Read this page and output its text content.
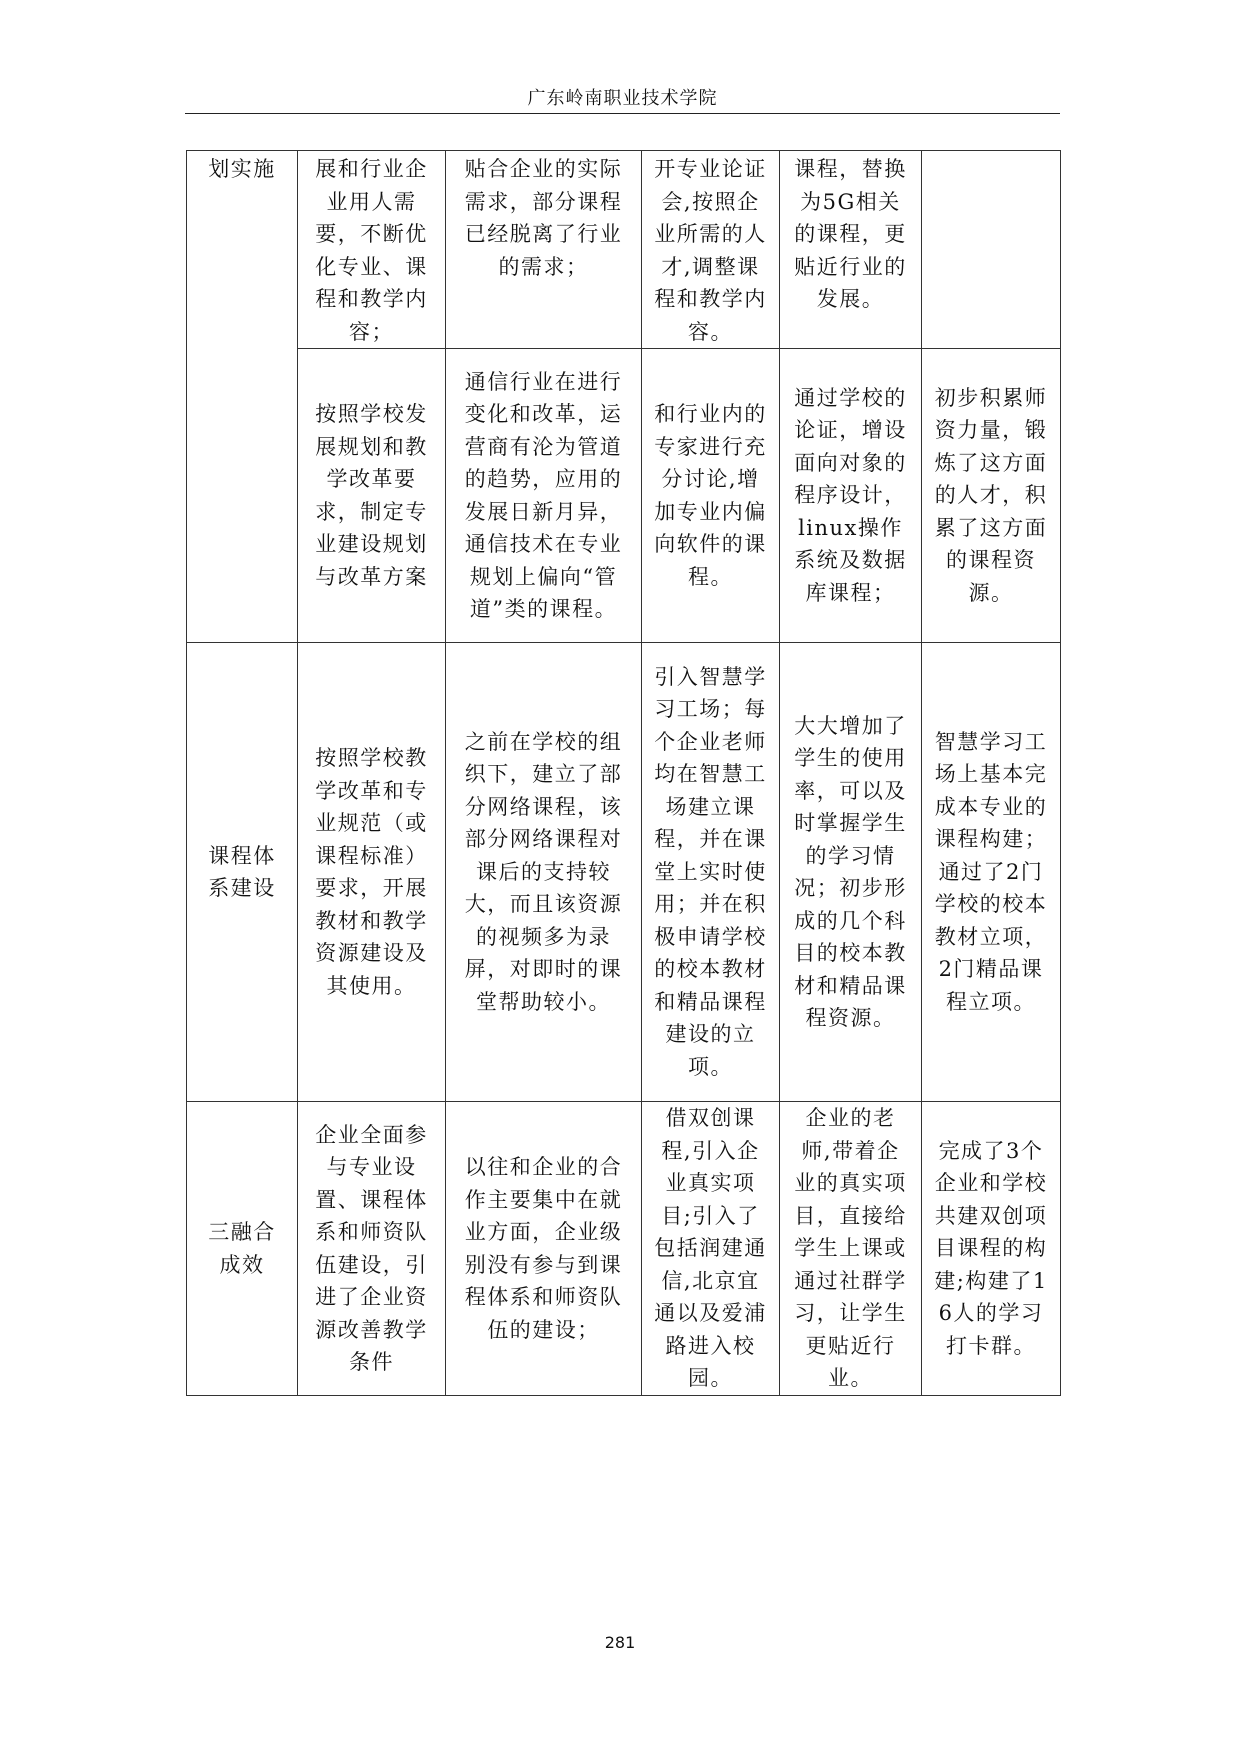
广东岭南职业技术学院
划实施	展和行业企业用人需要，不断优化专业、课程和教学内容；	贴合企业的实际需求，部分课程已经脱离了行业的需求；	开专业论证会,按照企业所需的人才,调整课程和教学内容。	课程，替换为5G相关的课程，更贴近行业的发展。	
	按照学校发展规划和教学改革要求，制定专业建设规划与改革方案	通信行业在进行变化和改革，运营商有沦为管道的趋势，应用的发展日新月异，通信技术在专业规划上偏向“管道”类的课程。	和行业内的专家进行充分讨论,增加专业内偏向软件的课程。	通过学校的论证，增设面向对象的程序设计，linux操作系统及数据库课程；	初步积累师资力量，锻炼了这方面的人才，积累了这方面的课程资源。
课程体系建设	按照学校教学改革和专业规范（或课程标准）要求，开展教材和教学资源建设及其使用。	之前在学校的组织下，建立了部分网络课程，该部分网络课程对课后的支持较大，而且该资源的视频多为录屏，对即时的课堂帮助较小。	引入智慧学习工场；每个企业老师均在智慧工场建立课程，并在课堂上实时使用；并在积极申请学校的校本教材和精品课程建设的立项。	大大增加了学生的使用率，可以及时掌握学生的学习情况；初步形成的几个科目的校本教材和精品课程资源。	智慧学习工场上基本完成本专业的课程构建；通过了2门学校的校本教材立项，2门精品课程立项。
三融合成效	企业全面参与专业设置、课程体系和师资队伍建设，引进了企业资源改善教学条件	以往和企业的合作主要集中在就业方面，企业级别没有参与到课程体系和师资队伍的建设；	借双创课程,引入企业真实项目;引入了包括润建通信,北京宜通以及爱浦路进入校园。	企业的老师,带着企业的真实项目，直接给学生上课或通过社群学习，让学生更贴近行业。	完成了3个企业和学校共建双创项目课程的构建;构建了16人的学习打卡群。
281
